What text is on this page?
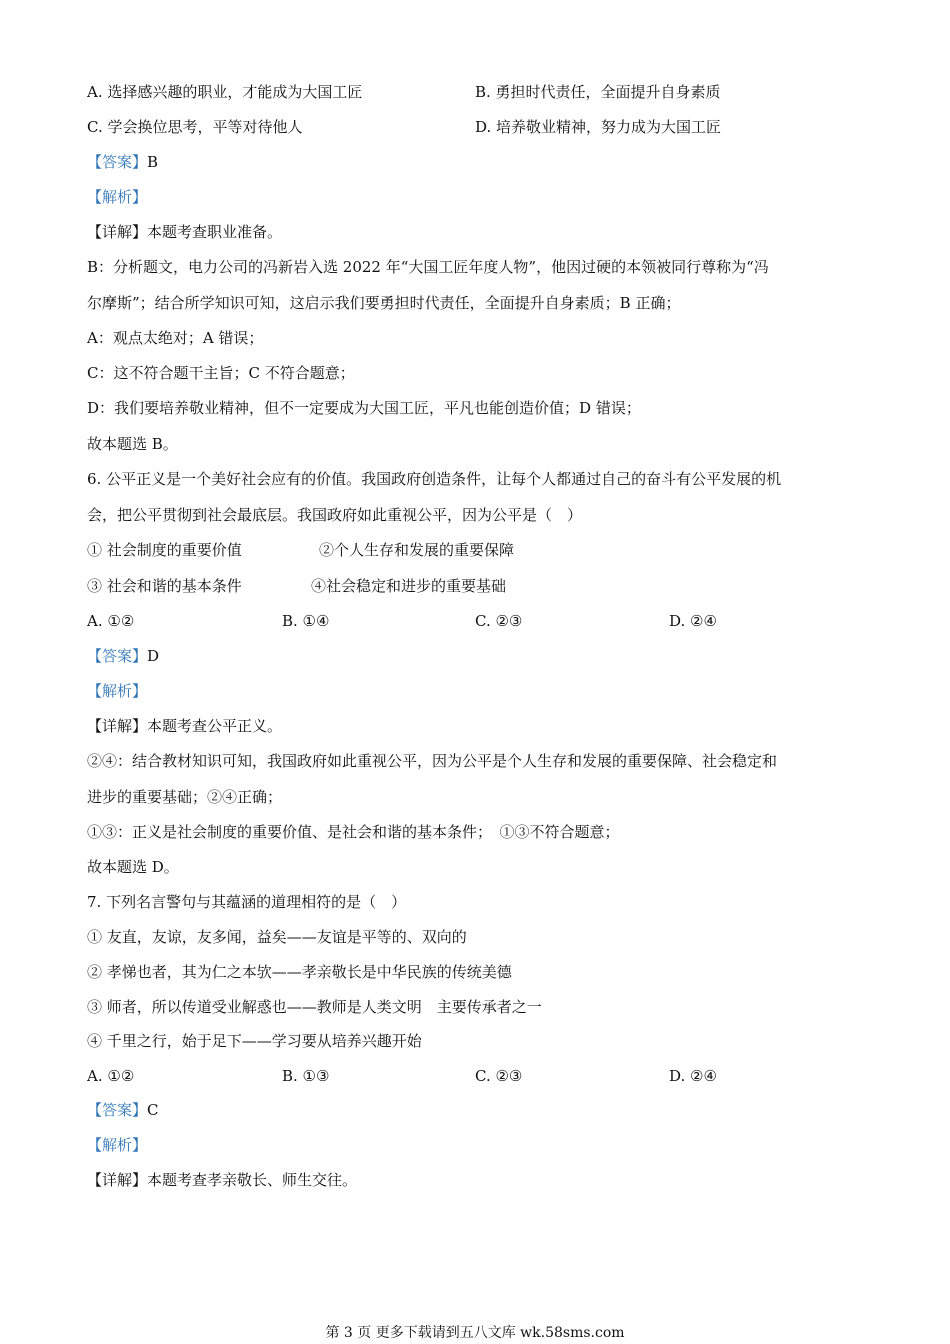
A. 选择感兴趣的职业，才能成为大国工匠	B. 勇担时代责任，全面提升自身素质
C. 学会换位思考，平等对待他人	D. 培养敬业精神，努力成为大国工匠
【答案】B
【解析】
【详解】本题考查职业准备。
B：分析题文，电力公司的冯新岩入选 2022 年“大国工匠年度人物”，他因过硬的本领被同行尊称为“冯
尔摩斯”；结合所学知识可知，这启示我们要勇担时代责任，全面提升自身素质；B 正确；
A：观点太绝对；A 错误；
C：这不符合题干主旨；C 不符合题意；
D：我们要培养敬业精神，但不一定要成为大国工匠，平凡也能创造价值；D 错误；
故本题选 B。
6. 公平正义是一个美好社会应有的价值。我国政府创造条件，让每个人都通过自己的奋斗有公平发展的机
会，把公平贯彻到社会最底层。我国政府如此重视公平，因为公平是（　）
① 社会制度的重要价值	②个人生存和发展的重要保障
③ 社会和谐的基本条件	④社会稳定和进步的重要基础
A. ①②	B. ①④	C. ②③	D. ②④
【答案】D
【解析】
【详解】本题考查公平正义。
②④：结合教材知识可知，我国政府如此重视公平，因为公平是个人生存和发展的重要保障、社会稳定和
进步的重要基础；②④正确；
①③：正义是社会制度的重要价值、是社会和谐的基本条件；　①③不符合题意；
故本题选 D。
7. 下列名言警句与其蕴涵的道理相符的是（　）
① 友直，友谅，友多闻，益矣——友谊是平等的、双向的
② 孝悌也者，其为仁之本欤——孝亲敬长是中华民族的传统美德
③ 师者，所以传道受业解惑也——教师是人类文明　主要传承者之一
④ 千里之行，始于足下——学习要从培养兴趣开始
A. ①②	B. ①③	C. ②③	D. ②④
【答案】C
【解析】
【详解】本题考查孝亲敬长、师生交往。
第 3 页 更多下载请到五八文库 wk.58sms.com
